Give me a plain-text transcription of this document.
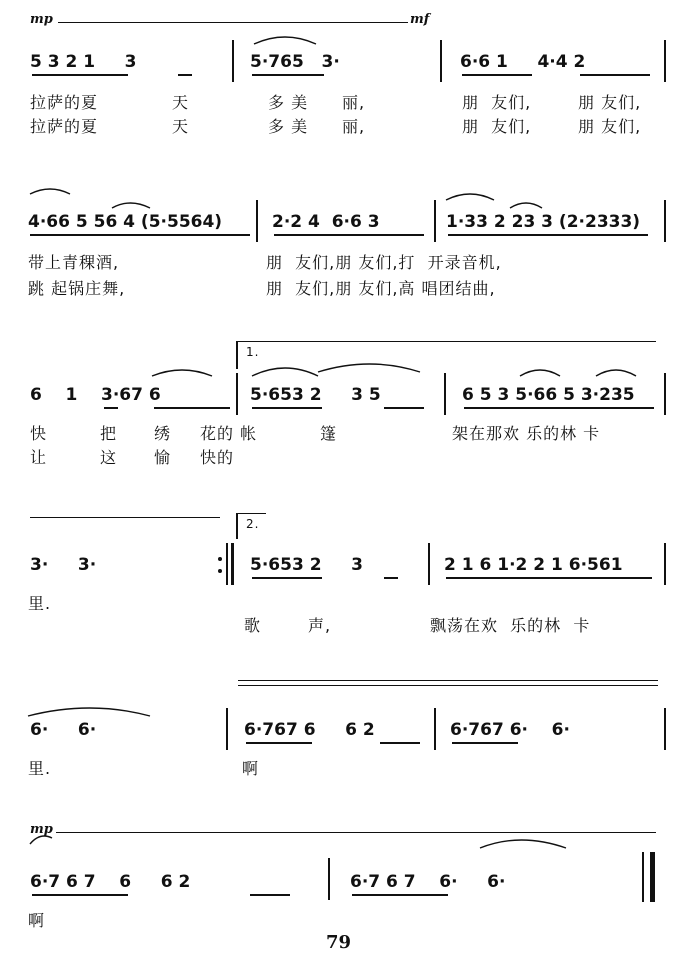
mp	mf
5 3 2 1     3	5·765   3·	6·6 1     4·4 2
拉萨的夏	天	多 美 丽,	朋  友们,	朋 友们,
拉萨的夏	天	多 美 丽,	朋  友们,	朋 友们,
4·66 5 56 4 (5·5564)	2·2 4  6·6 3	1·33 2 23 3 (2·2333)
带上青稞酒,	朋  友们,朋 友们,打  开录音机,
跳 起锅庄舞,	朋  友们,朋 友们,高 唱团结曲,
1.
6    1    3·67 6	5·653 2     3 5	6 5 3 5·66 5 3·235
快	把 绣 花的 帐	篷	架在那欢 乐的林 卡
让	这 愉 快的
2.
3·     3·	5·653 2     3	2 1 6 1·2 2 1 6·561
里.
歌	声,	飘荡在欢  乐的林  卡
6·     6·	6·767 6     6 2	6·767 6·    6·
里.	啊
mp
6·7 6 7    6     6 2	6·7 6 7    6·     6·
啊
79
